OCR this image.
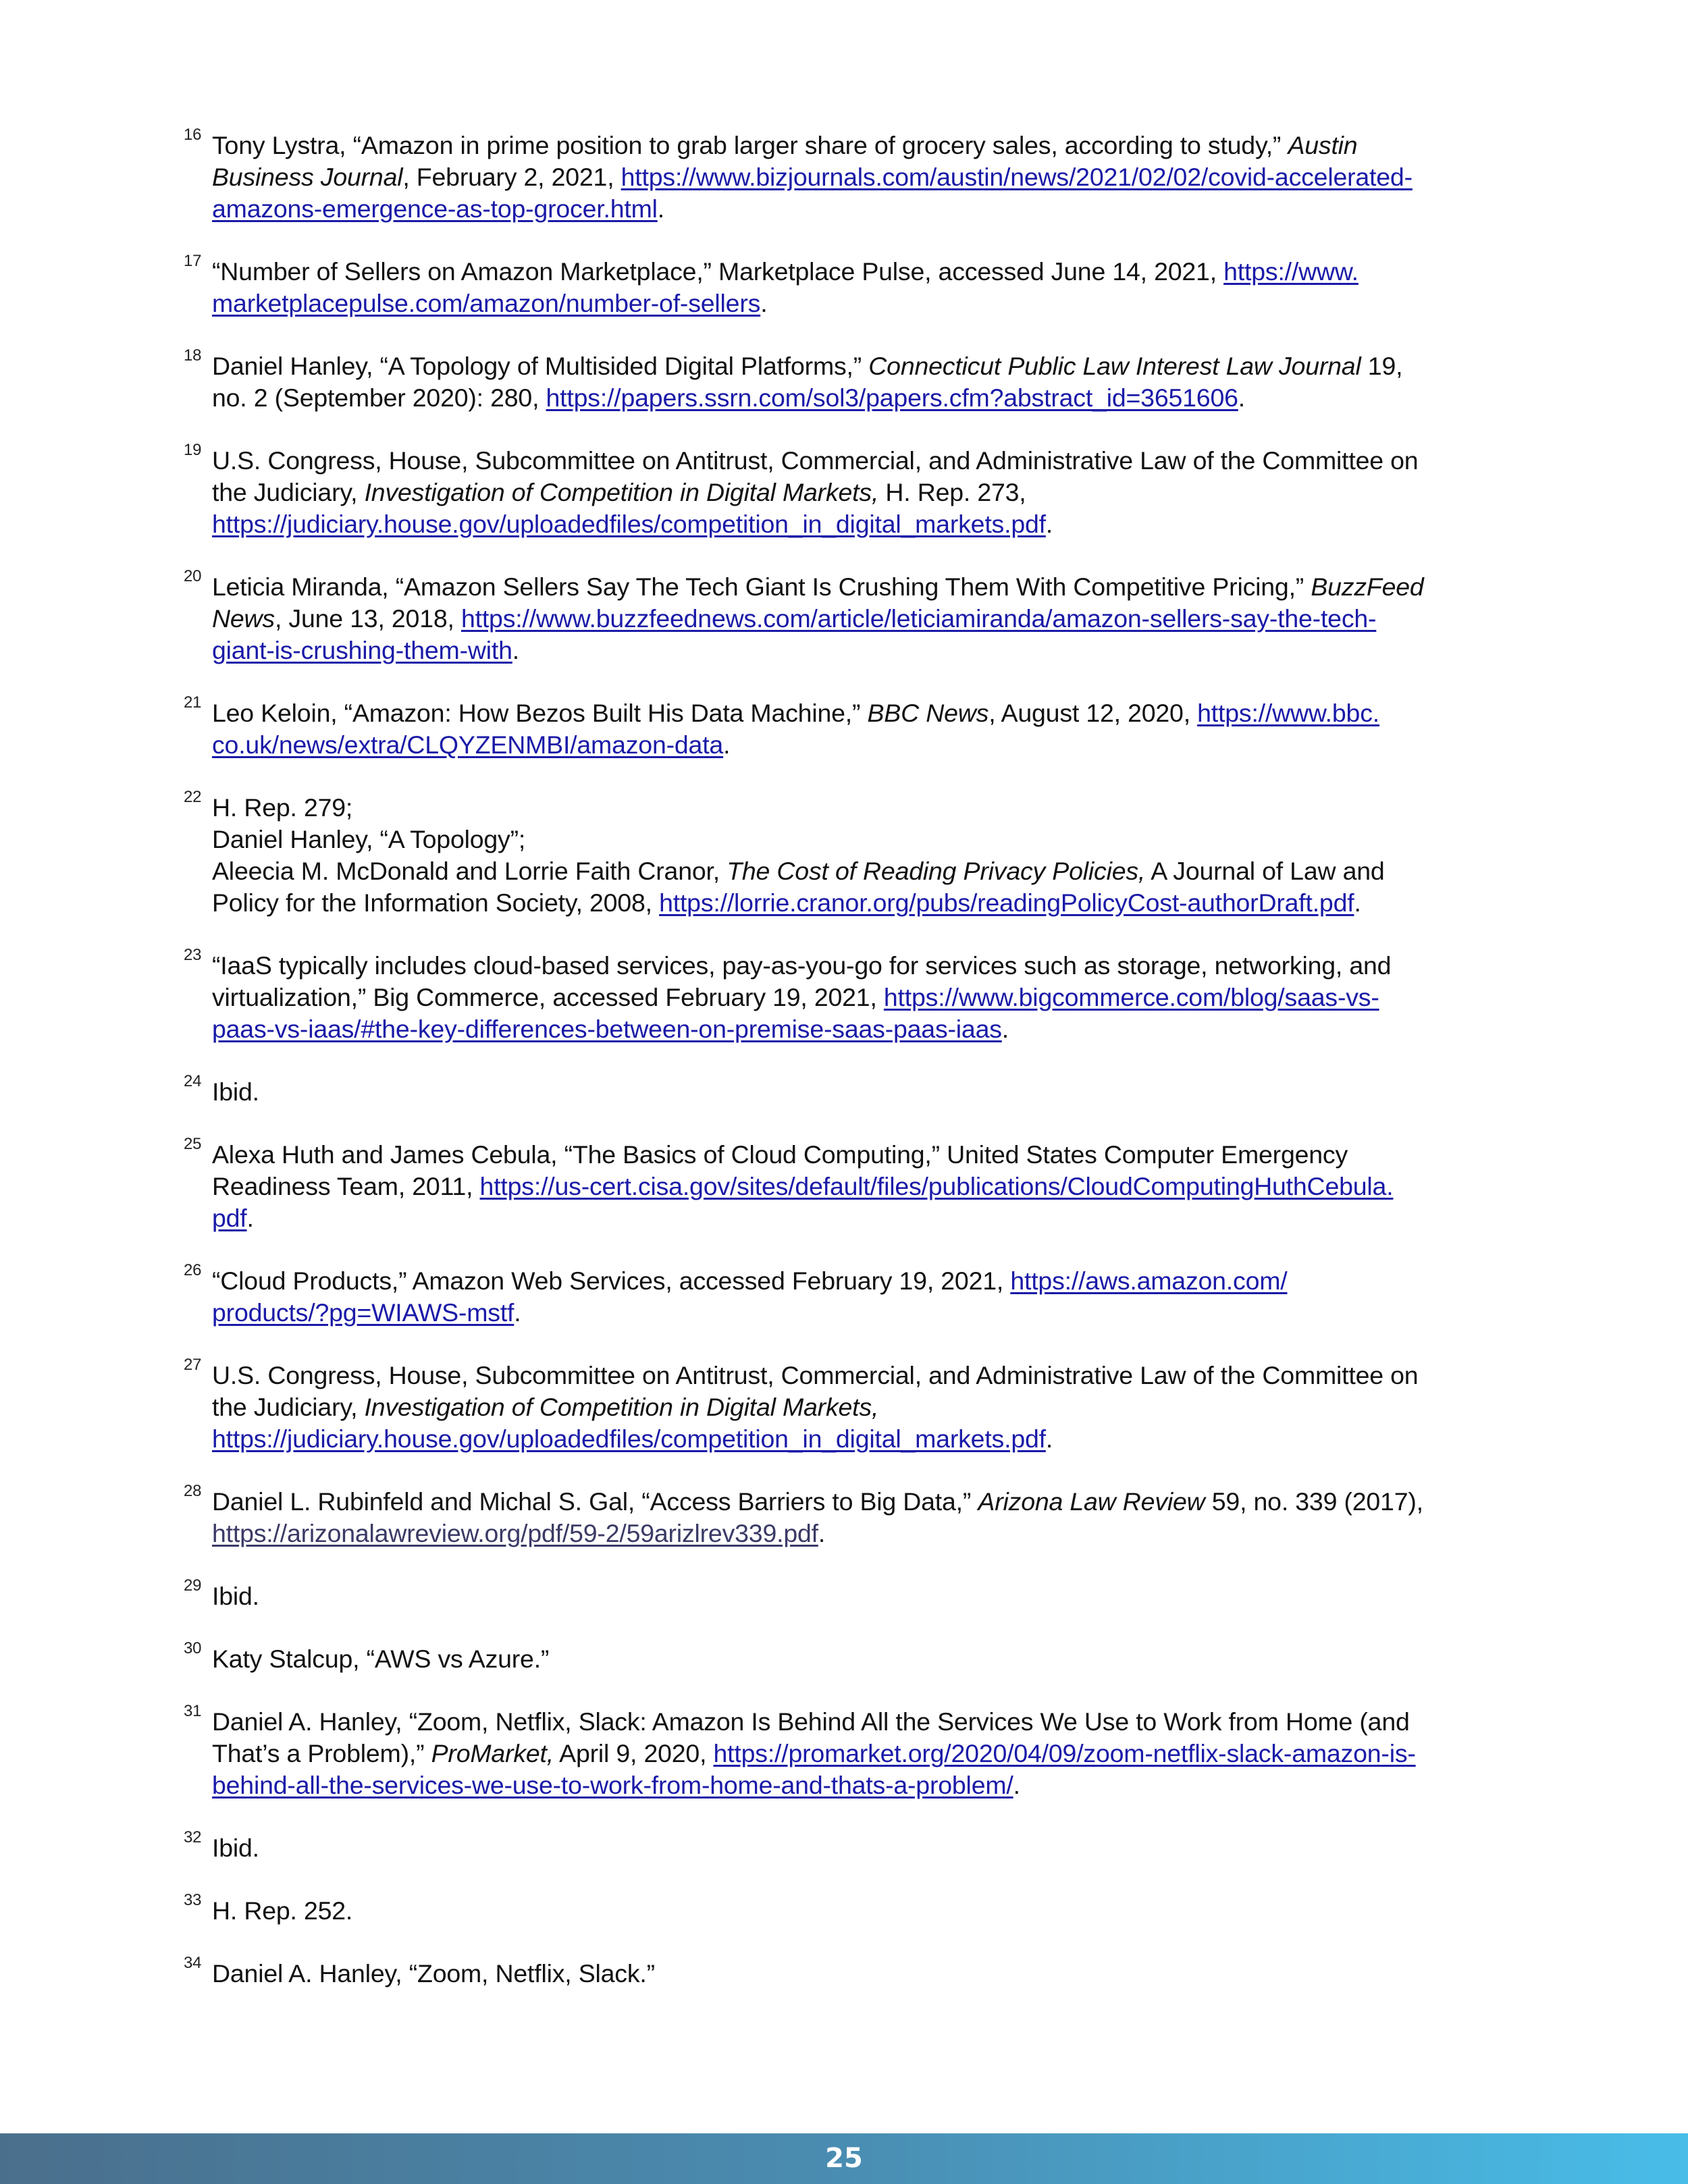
16 Tony Lystra, “Amazon in prime position to grab larger share of grocery sales, according to study,” Austin
Business Journal, February 2, 2021, https://www.bizjournals.com/austin/news/2021/02/02/covid-accelerated-
amazons-emergence-as-top-grocer.html.
17 “Number of Sellers on Amazon Marketplace,” Marketplace Pulse, accessed June 14, 2021, https://www.
marketplacepulse.com/amazon/number-of-sellers.
18 Daniel Hanley, “A Topology of Multisided Digital Platforms,” Connecticut Public Law Interest Law Journal 19,
no. 2 (September 2020): 280, https://papers.ssrn.com/sol3/papers.cfm?abstract_id=3651606.
19 U.S. Congress, House, Subcommittee on Antitrust, Commercial, and Administrative Law of the Committee on
the Judiciary, Investigation of Competition in Digital Markets, H. Rep. 273,
https://judiciary.house.gov/uploadedfiles/competition_in_digital_markets.pdf.
20 Leticia Miranda, “Amazon Sellers Say The Tech Giant Is Crushing Them With Competitive Pricing,” BuzzFeed
News, June 13, 2018, https://www.buzzfeednews.com/article/leticiamiranda/amazon-sellers-say-the-tech-
giant-is-crushing-them-with.
21 Leo Keloin, “Amazon: How Bezos Built His Data Machine,” BBC News, August 12, 2020, https://www.bbc.
co.uk/news/extra/CLQYZENMBI/amazon-data.
22 H. Rep. 279;
Daniel Hanley, “A Topology”;
Aleecia M. McDonald and Lorrie Faith Cranor, The Cost of Reading Privacy Policies, A Journal of Law and
Policy for the Information Society, 2008, https://lorrie.cranor.org/pubs/readingPolicyCost-authorDraft.pdf.
23 “IaaS typically includes cloud-based services, pay-as-you-go for services such as storage, networking, and
virtualization,” Big Commerce, accessed February 19, 2021, https://www.bigcommerce.com/blog/saas-vs-
paas-vs-iaas/#the-key-differences-between-on-premise-saas-paas-iaas.
24 Ibid.
25 Alexa Huth and James Cebula, “The Basics of Cloud Computing,” United States Computer Emergency
Readiness Team, 2011, https://us-cert.cisa.gov/sites/default/files/publications/CloudComputingHuthCebula.
pdf.
26 “Cloud Products,” Amazon Web Services, accessed February 19, 2021, https://aws.amazon.com/
products/?pg=WIAWS-mstf.
27 U.S. Congress, House, Subcommittee on Antitrust, Commercial, and Administrative Law of the Committee on
the Judiciary, Investigation of Competition in Digital Markets,
https://judiciary.house.gov/uploadedfiles/competition_in_digital_markets.pdf.
28 Daniel L. Rubinfeld and Michal S. Gal, “Access Barriers to Big Data,” Arizona Law Review 59, no. 339 (2017),
https://arizonalawreview.org/pdf/59-2/59arizlrev339.pdf.
29 Ibid.
30 Katy Stalcup, “AWS vs Azure.”
31 Daniel A. Hanley, “Zoom, Netflix, Slack: Amazon Is Behind All the Services We Use to Work from Home (and
That’s a Problem),” ProMarket, April 9, 2020, https://promarket.org/2020/04/09/zoom-netflix-slack-amazon-is-
behind-all-the-services-we-use-to-work-from-home-and-thats-a-problem/.
32 Ibid.
33 H. Rep. 252.
34 Daniel A. Hanley, “Zoom, Netflix, Slack.”
25
